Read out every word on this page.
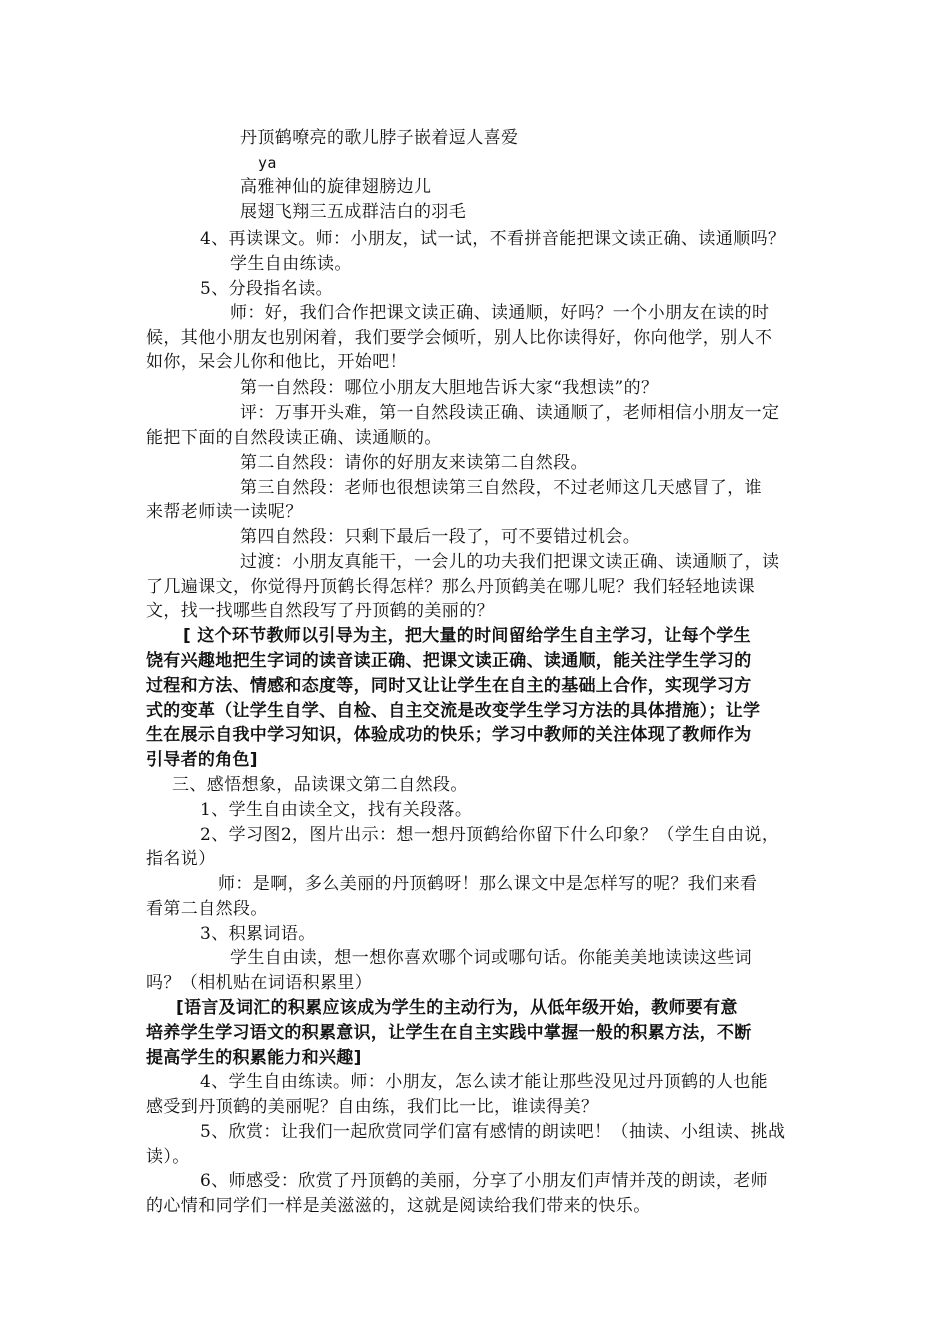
丹顶鹤嘹亮的歌儿脖子嵌着逗人喜爱
ya
高雅神仙的旋律翅膀边儿
展翅飞翔三五成群洁白的羽毛
4、再读课文。师：小朋友，试一试，不看拼音能把课文读正确、读通顺吗？
学生自由练读。
5、分段指名读。
师：好，我们合作把课文读正确、读通顺，好吗？一个小朋友在读的时
候，其他小朋友也别闲着，我们要学会倾听，别人比你读得好，你向他学，别人不
如你，呆会儿你和他比，开始吧！
第一自然段：哪位小朋友大胆地告诉大家“我想读”的？
评：万事开头难，第一自然段读正确、读通顺了，老师相信小朋友一定
能把下面的自然段读正确、读通顺的。
第二自然段：请你的好朋友来读第二自然段。
第三自然段：老师也很想读第三自然段，不过老师这几天感冒了，谁
来帮老师读一读呢？
第四自然段：只剩下最后一段了，可不要错过机会。
过渡：小朋友真能干，一会儿的功夫我们把课文读正确、读通顺了，读
了几遍课文，你觉得丹顶鹤长得怎样？那么丹顶鹤美在哪儿呢？我们轻轻地读课
文，找一找哪些自然段写了丹顶鹤的美丽的？
[ 这个环节教师以引导为主，把大量的时间留给学生自主学习，让每个学生
饶有兴趣地把生字词的读音读正确、把课文读正确、读通顺，能关注学生学习的
过程和方法、情感和态度等，同时又让让学生在自主的基础上合作，实现学习方
式的变革（让学生自学、自检、自主交流是改变学生学习方法的具体措施）；让学
生在展示自我中学习知识，体验成功的快乐；学习中教师的关注体现了教师作为
引导者的角色]
三、感悟想象，品读课文第二自然段。
1、学生自由读全文，找有关段落。
2、学习图2，图片出示：想一想丹顶鹤给你留下什么印象？（学生自由说，
指名说）
师：是啊，多么美丽的丹顶鹤呀！那么课文中是怎样写的呢？我们来看
看第二自然段。
3、积累词语。
学生自由读，想一想你喜欢哪个词或哪句话。你能美美地读读这些词
吗？（相机贴在词语积累里）
[语言及词汇的积累应该成为学生的主动行为，从低年级开始，教师要有意
培养学生学习语文的积累意识，让学生在自主实践中掌握一般的积累方法，不断
提高学生的积累能力和兴趣]
4、学生自由练读。师：小朋友，怎么读才能让那些没见过丹顶鹤的人也能
感受到丹顶鹤的美丽呢？自由练，我们比一比，谁读得美？
5、欣赏：让我们一起欣赏同学们富有感情的朗读吧！（抽读、小组读、挑战
读）。
6、师感受：欣赏了丹顶鹤的美丽，分享了小朋友们声情并茂的朗读，老师
的心情和同学们一样是美滋滋的，这就是阅读给我们带来的快乐。
